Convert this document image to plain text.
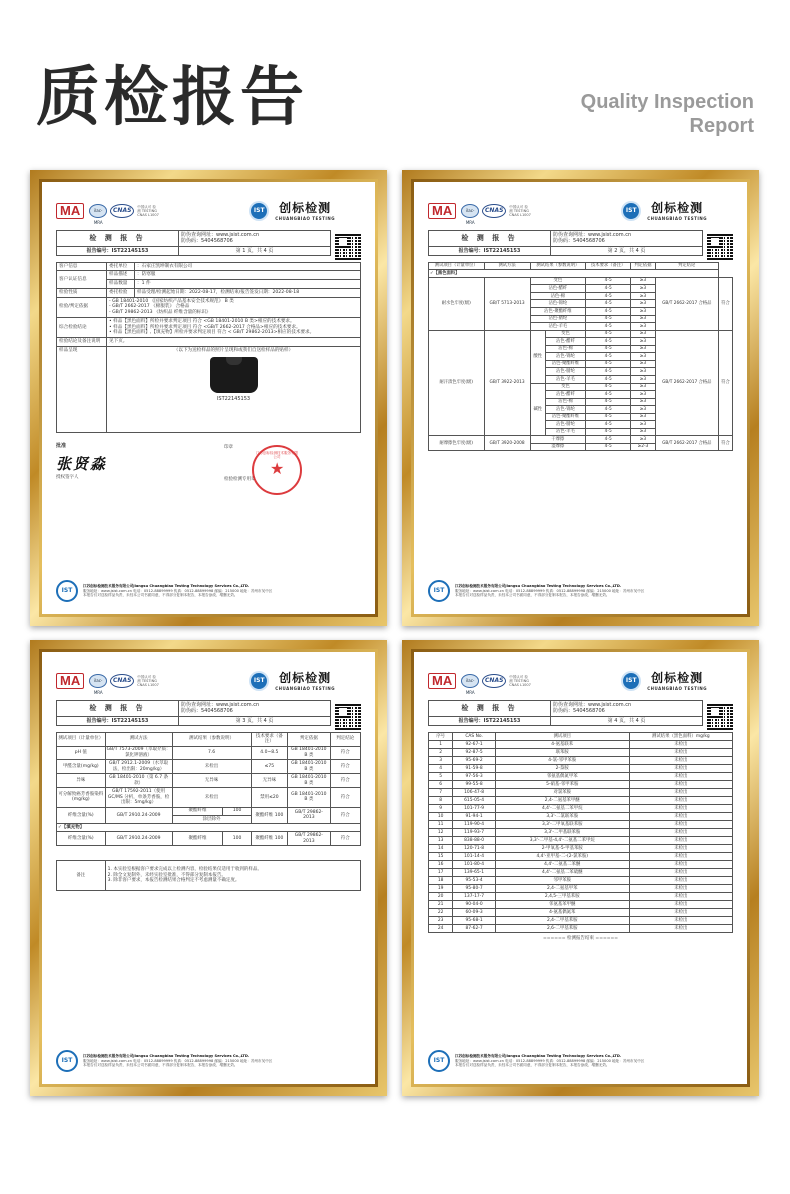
质检报告	Quality Inspection
Report
MA	ilac-MRA
CNAS	中国认可 检测 TESTING CNAS L1007
IST	创标检测
CHUANGBIAO TESTING
检 测 报 告	防伪查询网址：www.jsist.com.cn
防伪码：5404568706

报告编号：IST22145153	第 1 页，共 4 页
客户信息	委托单位	：石家庄凯坤制衣有限公司
客户认证信息	样品描述	：防寒服
	样品数量	：1 件
检验性质	委托检验	样品受理/检测起始日期：2022-08-17，检测结束/报告签发日期：2022-08-18
检验/判定依据	- GB 18401-2010 《国家纺织产品基本安全技术规范》 B 类
- GB/T 2662-2017 《棉服装》 合格品
- GB/T 29862-2013 《纺织品 纤维含量的标识》	

综合检验结论	• 样品【黑色面料】所检并要求判定项目 符合 <GB 18401-2010 B 类>相应的技术要求。
• 样品【黑色面料】所检并要求判定项目 符合 <GB/T 2662-2017 合格品>相应的技术要求。
• 样品【黑色面料】,【填充物】所检并要求判定项目 符合 < GB/T 29862-2013>相应的技术要求。	

检验结论及备注说明	见下页。	
样品呈现	（以下为送检样品的照片呈现和或我们自送检样品的贴样）
IST22145153	
批准
张贤淼
授权签字人
印章
检验检测专用章
江苏创标检测技术服务有限公司
★
IST
江苏创标检测技术服务有限公司Jiangsu Chuangbiao Testing Technology Services Co.,LTD.
服务地址：www.jsist.com.cn 电话：0512-88899999 传真：0512-88899998 邮编：215000 地址：苏州市吴中区
本报告仅对送检样品负责，未经本公司书面同意，不得部分复制本报告，本报告涂改、增删无效。
MA	ilac-MRA
CNAS	中国认可 检测 TESTING CNAS L1007
IST	创标检测
CHUANGBIAO TESTING
检 测 报 告	防伪查询网址：www.jsist.com.cn
防伪码：5404568706

报告编号：IST22145153	第 2 页，共 4 页
测试项目（计量单位）	测试方法	测试结果（参数说明）		技术要求（备注）	判定依据	判定结论	
✓【黑色面料】							
耐水色牢度(级)	GB/T 5713-2013	变色		4-5	≥3	GB/T 2662-2017 合格品	符合
		沾色-醋纤		4-5	≥3		
		沾色-棉		4-5	≥3		
		沾色-锦纶		4-5	≥3		
		沾色-聚酯纤维		4-5	≥3		
		沾色-腈纶		4-5	≥3		
		沾色-羊毛		4-5	≥3		
耐汗渍色牢度(级)	GB/T 3922-2013	酸性	变色	4-5	≥3	GB/T 2662-2017 合格品	符合
			沾色-醋纤	4-5	≥3		
			沾色-棉	4-5	≥3		
			沾色-锦纶	4-5	≥3		
			沾色-聚酯纤维	4-5	≥3		
			沾色-腈纶	4-5	≥3		
			沾色-羊毛	4-5	≥3		
		碱性	变色	4-5	≥3		
			沾色-醋纤	4-5	≥3		
			沾色-棉	4-5	≥3		
			沾色-锦纶	4-5	≥3		
			沾色-聚酯纤维	4-5	≥3		
			沾色-腈纶	4-5	≥3		
			沾色-羊毛	4-5	≥3		
耐摩擦色牢度(级)	GB/T 3920-2008	干摩擦		4-5	≥3	GB/T 2662-2017 合格品	符合
		湿摩擦		4-5	≥2-3		
IST
江苏创标检测技术服务有限公司Jiangsu Chuangbiao Testing Technology Services Co.,LTD.
服务地址：www.jsist.com.cn 电话：0512-88899999 传真：0512-88899998 邮编：215000 地址：苏州市吴中区
本报告仅对送检样品负责，未经本公司书面同意，不得部分复制本报告，本报告涂改、增删无效。
MA	ilac-MRA
CNAS	中国认可 检测 TESTING CNAS L1007
IST	创标检测
CHUANGBIAO TESTING
检 测 报 告	防伪查询网址：www.jsist.com.cn
防伪码：5404568706

报告编号：IST22145153	第 3 页，共 4 页
测试项目（计量单位）	测试方法	测试结果（参数说明）		技术要求（备注）	判定依据	判定结论
pH 值	GB/T 7573-2009（萃取介质：氯化钾溶液）	7.6		4.0~8.5	GB 18401-2010 B 类	符合
甲醛含量(mg/kg)	GB/T 2912.1-2009（水萃取法，检出限：20mg/kg）	未检出		≤75	GB 18401-2010 B 类	符合
异味	GB 18401-2010（第 6.7 条款）	无异味		无异味	GB 18401-2010 B 类	符合
可分解致癌芳香胺染料(mg/kg)	GB/T 17592-2011（使用 GC/MS 分析，单条芳香胺，检出限：5mg/kg）	未检出		禁用≤20	GB 18401-2010 B 类	符合
纤维含量(%)	GB/T 2910.24-2009	聚酯纤维	100	聚酯纤维 100	GB/T 29862-2013	符合
		涂层除外				
✓【填充物】						
纤维含量(%)	GB/T 2910.24-2009	聚酯纤维	100	聚酯纤维 100	GB/T 29862-2013	符合
备注	
1. 本实验室根据客户要求完成以上检测内容，检验结果仅适用于收到的样品。
2. 除全文复制外，未经实验室批准，不得部分复制本报告。
3. 除非客户要求，本报告检测结果合格判定不考虑测量不确定度。
IST
江苏创标检测技术服务有限公司Jiangsu Chuangbiao Testing Technology Services Co.,LTD.
服务地址：www.jsist.com.cn 电话：0512-88899999 传真：0512-88899998 邮编：215000 地址：苏州市吴中区
本报告仅对送检样品负责，未经本公司书面同意，不得部分复制本报告，本报告涂改、增删无效。
MA	ilac-MRA
CNAS	中国认可 检测 TESTING CNAS L1007
IST	创标检测
CHUANGBIAO TESTING
检 测 报 告	防伪查询网址：www.jsist.com.cn
防伪码：5404568706

报告编号：IST22145153	第 4 页，共 4 页
序号	CAS No.	测试项目	测试结果（黑色面料）mg/kg
1	92-67-1	4-氨基联苯	未检出
2	92-87-5	联苯胺	未检出
3	95-69-2	4-氯-邻甲苯胺	未检出
4	91-59-8	2-萘胺	未检出
5	97-56-3	邻氨基偶氮甲苯	未检出
6	99-55-8	5-硝基-邻甲苯胺	未检出
7	106-47-8	对氯苯胺	未检出
8	615-05-4	2,4-二氨基苯甲醚	未检出
9	101-77-9	4,4'-二氨基二苯甲烷	未检出
10	91-94-1	3,3'-二氯联苯胺	未检出
11	119-90-4	3,3'-二甲氧基联苯胺	未检出
12	119-93-7	3,3'-二甲基联苯胺	未检出
13	838-88-0	3,3'-二甲基-4,4'-二氨基二苯甲烷	未检出
14	120-71-8	2-甲氧基-5-甲基苯胺	未检出
15	101-14-4	4,4'-亚甲基-二-(2-氯苯胺)	未检出
16	101-80-4	4,4'-二氨基二苯醚	未检出
17	139-65-1	4,4'-二氨基二苯硫醚	未检出
18	95-53-4	邻甲苯胺	未检出
19	95-80-7	2,4-二氨基甲苯	未检出
20	137-17-7	2,4,5-三甲基苯胺	未检出
21	90-04-0	邻氨基苯甲醚	未检出
22	60-09-3	4-氨基偶氮苯	未检出
23	95-68-1	2,4-二甲基苯胺	未检出
24	87-62-7	2,6-二甲基苯胺	未检出
====== 检测报告结束 ======
IST
江苏创标检测技术服务有限公司Jiangsu Chuangbiao Testing Technology Services Co.,LTD.
服务地址：www.jsist.com.cn 电话：0512-88899999 传真：0512-88899998 邮编：215000 地址：苏州市吴中区
本报告仅对送检样品负责，未经本公司书面同意，不得部分复制本报告，本报告涂改、增删无效。
